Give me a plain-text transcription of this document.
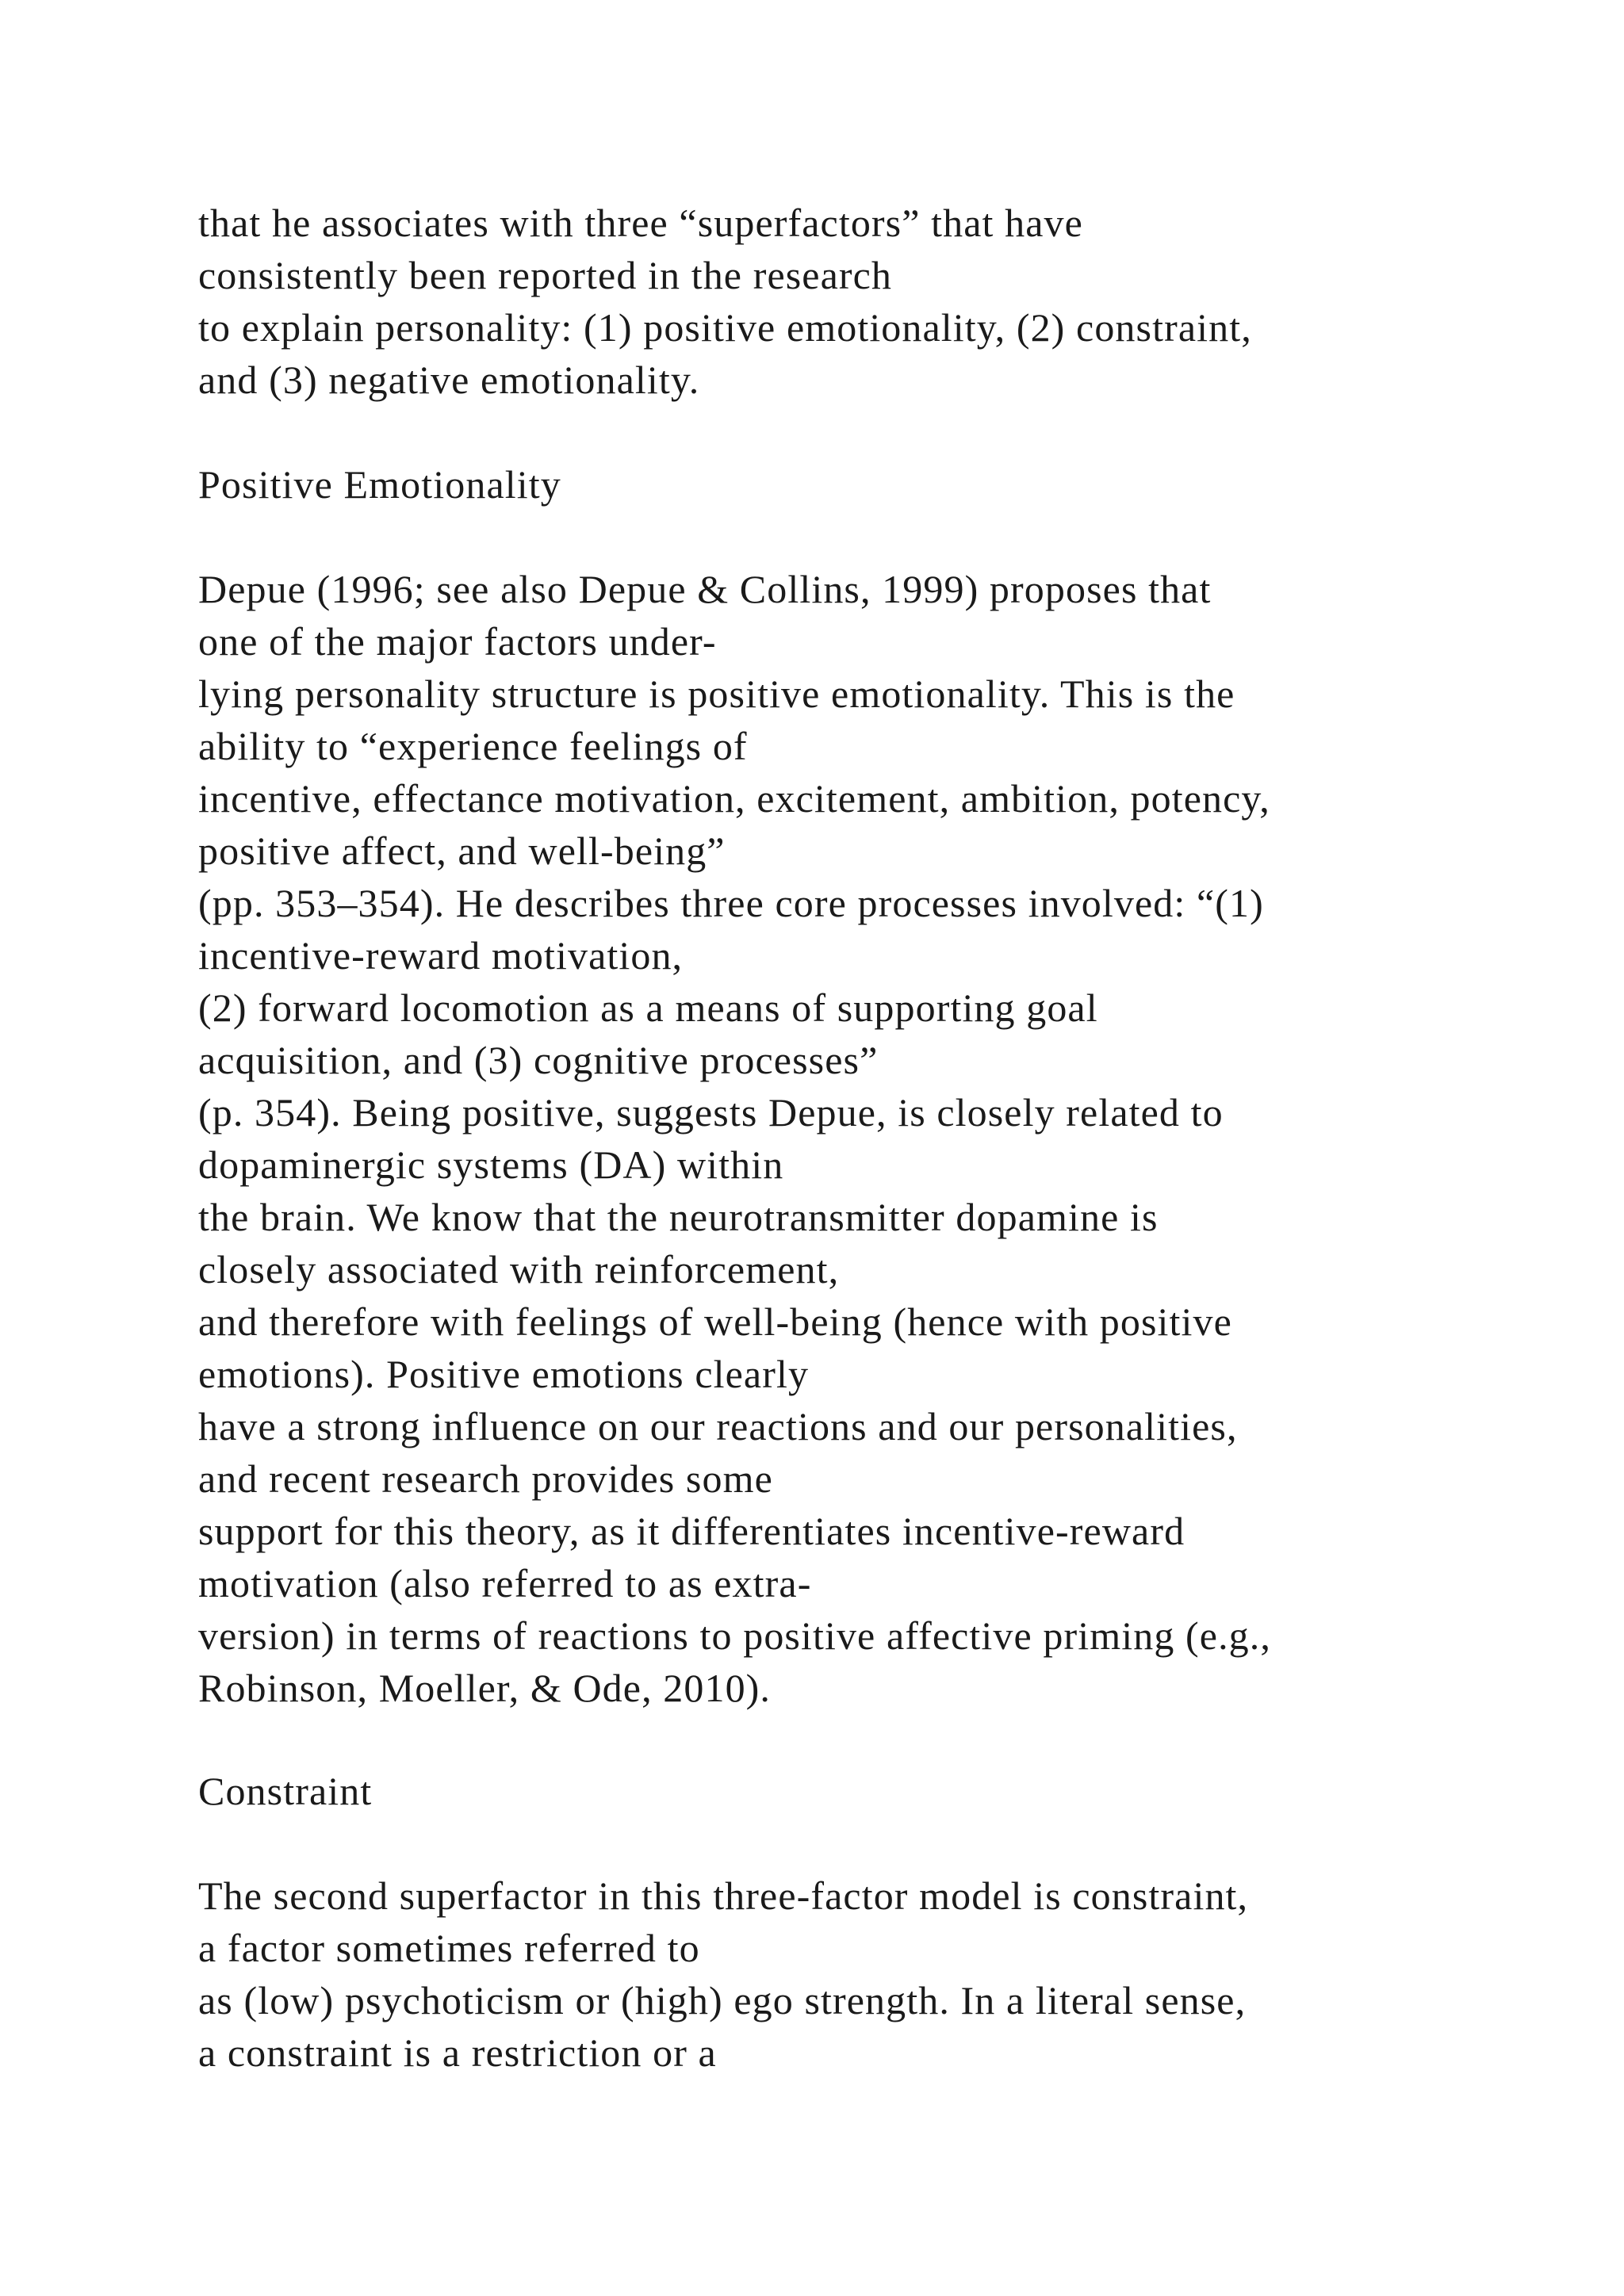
that he associates with three “superfactors” that have
consistently been reported in the research
to explain personality: (1) positive emotionality, (2) constraint,
and (3) negative emotionality.
Positive Emotionality
Depue (1996; see also Depue & Collins, 1999) proposes that
one of the major factors under-
lying personality structure is positive emotionality. This is the
ability to “experience feelings of
incentive, effectance motivation, excitement, ambition, potency,
positive affect, and well-being”
(pp. 353–354). He describes three core processes involved: “(1)
incentive-reward motivation,
(2) forward locomotion as a means of supporting goal
acquisition, and (3) cognitive processes”
(p. 354). Being positive, suggests Depue, is closely related to
dopaminergic systems (DA) within
the brain. We know that the neurotransmitter dopamine is
closely associated with reinforcement,
and therefore with feelings of well-being (hence with positive
emotions). Positive emotions clearly
have a strong influence on our reactions and our personalities,
and recent research provides some
support for this theory, as it differentiates incentive-reward
motivation (also referred to as extra-
version) in terms of reactions to positive affective priming (e.g.,
Robinson, Moeller, & Ode, 2010).
Constraint
The second superfactor in this three-factor model is constraint,
a factor sometimes referred to
as (low) psychoticism or (high) ego strength. In a literal sense,
a constraint is a restriction or a
